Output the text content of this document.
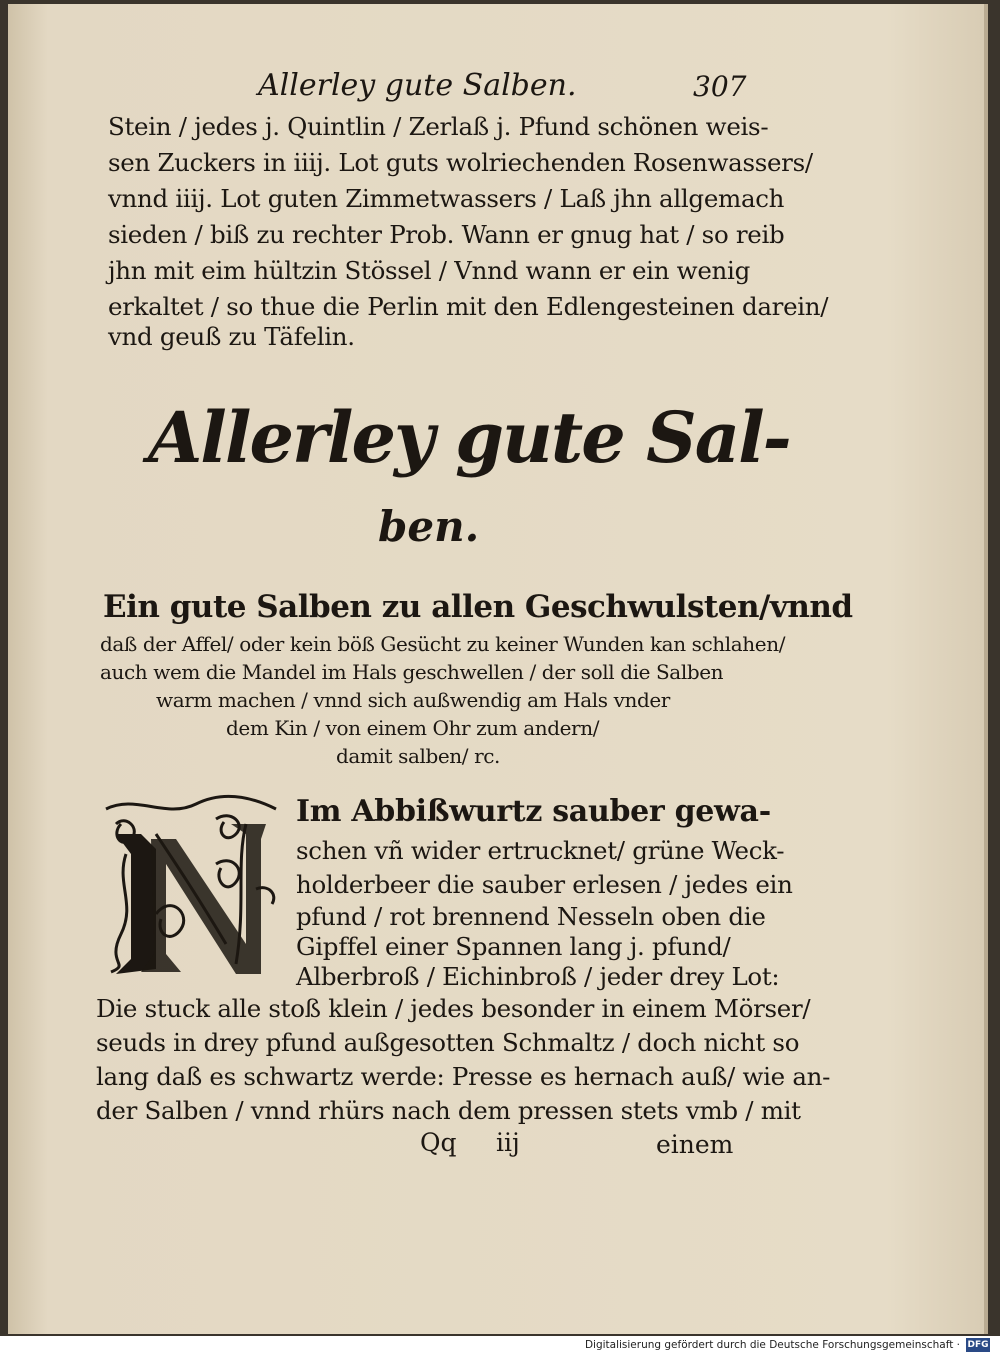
Allerley gute Salben.	307
Stein / jedes j. Quintlin / Zerlaß j. Pfund schönen weis-
sen Zuckers in iiij. Lot guts wolriechenden Rosenwassers/
vnnd iiij. Lot guten Zimmetwassers / Laß jhn allgemach
sieden / biß zu rechter Prob. Wann er gnug hat / so reib
jhn mit eim hültzin Stössel / Vnnd wann er ein wenig
erkaltet / so thue die Perlin mit den Edlengesteinen darein/
vnd geuß zu Täfelin.
Allerley gute Sal-
ben.
Ein gute Salben zu allen Geschwulsten/vnnd
daß der Affel/ oder kein böß Gesücht zu keiner Wunden kan schlahen/
auch wem die Mandel im Hals geschwellen / der soll die Salben
warm machen / vnnd sich außwendig am Hals vnder
dem Kin / von einem Ohr zum andern/
damit salben/ rc.
Im Abbißwurtz sauber gewa-
schen vñ wider ertrucknet/ grüne Weck-
holderbeer die sauber erlesen / jedes ein
pfund / rot brennend Nesseln oben die
Gipffel einer Spannen lang j. pfund/
Alberbroß / Eichinbroß / jeder drey Lot:
Die stuck alle stoß klein / jedes besonder in einem Mörser/
seuds in drey pfund außgesotten Schmaltz / doch nicht so
lang daß es schwartz werde: Presse es hernach auß/ wie an-
der Salben / vnnd rhürs nach dem pressen stets vmb / mit
Qq iij	einem
Digitalisierung gefördert durch die Deutsche Forschungsgemeinschaft · DFG
